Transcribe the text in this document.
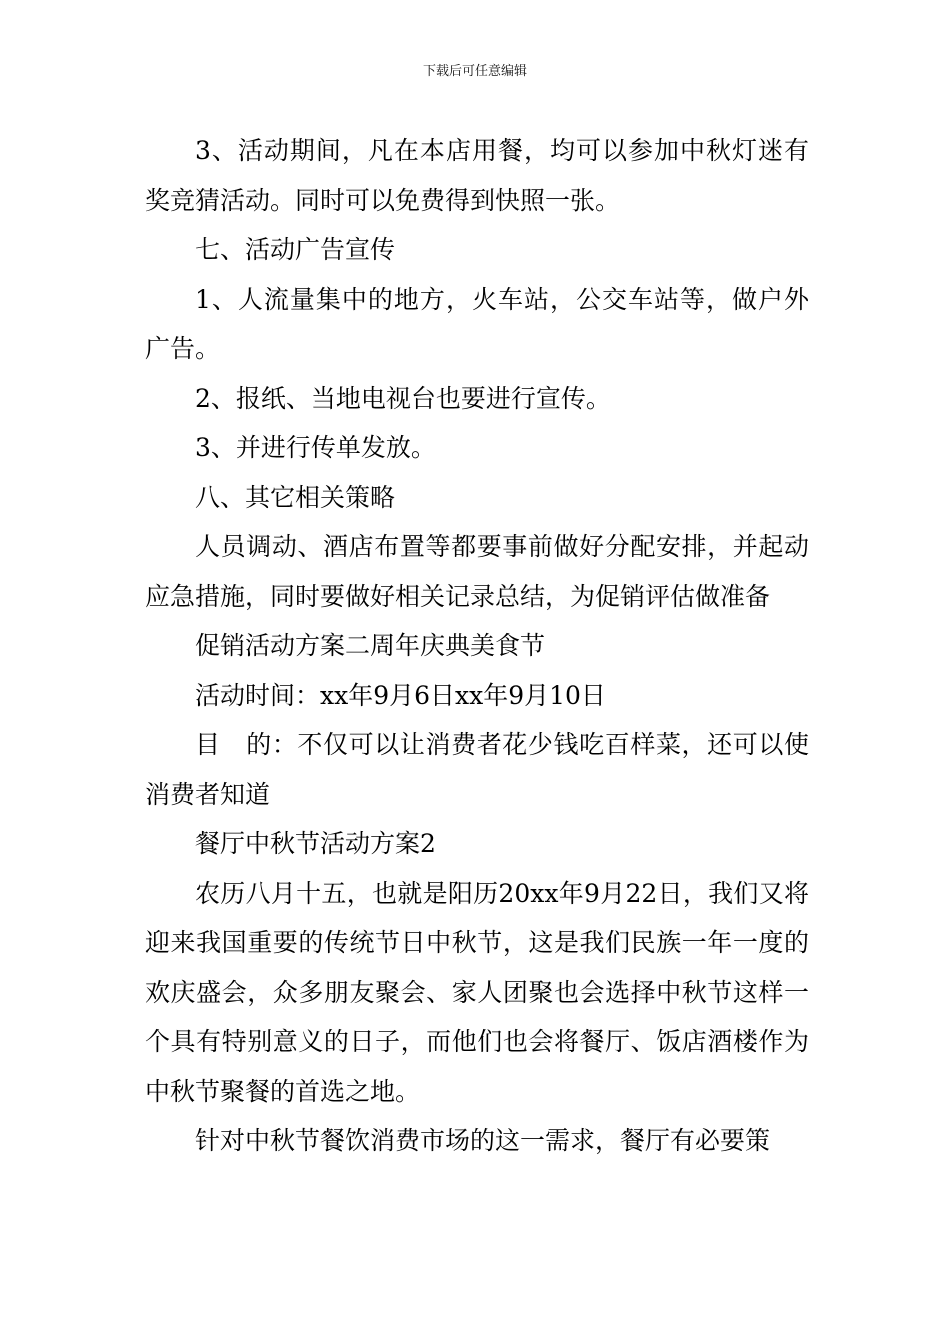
下载后可任意编辑

3、活动期间，凡在本店用餐，均可以参加中秋灯迷有奖竞猜活动。同时可以免费得到快照一张。

七、活动广告宣传

1、人流量集中的地方，火车站，公交车站等，做户外广告。

2、报纸、当地电视台也要进行宣传。

3、并进行传单发放。

八、其它相关策略

人员调动、酒店布置等都要事前做好分配安排，并起动应急措施，同时要做好相关记录总结，为促销评估做准备

促销活动方案二周年庆典美食节

活动时间：xx年9月6日xx年9月10日

目　的：不仅可以让消费者花少钱吃百样菜，还可以使消费者知道

餐厅中秋节活动方案2

农历八月十五，也就是阳历20xx年9月22日，我们又将迎来我国重要的传统节日中秋节，这是我们民族一年一度的欢庆盛会，众多朋友聚会、家人团聚也会选择中秋节这样一个具有特别意义的日子，而他们也会将餐厅、饭店酒楼作为中秋节聚餐的首选之地。

针对中秋节餐饮消费市场的这一需求，餐厅有必要策
